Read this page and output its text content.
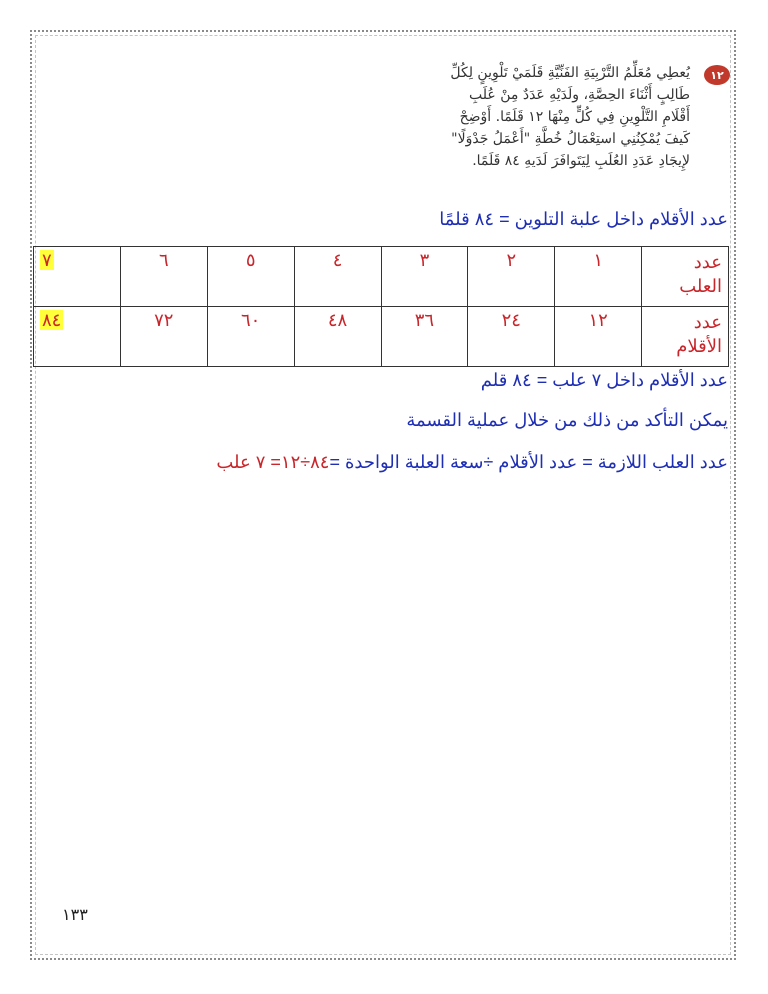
١٢
يُعطِي مُعَلِّمُ التَّرْبِيَةِ الفَنِّيَّةِ قَلَمَيْ تَلْوِينٍ لِكُلِّ
طَالِبٍ أَثْنَاءَ الحِصَّةِ، ولَدَيْهِ عَدَدٌ مِنْ عُلَبِ
أَقْلَامِ التَّلْوِينِ فِي كُلٍّ مِنْهَا ١٢ قَلَمًا. أَوْضِحْ
كَيفَ يُمْكِنُنِي استِعْمَالُ خُطَّةِ "أَعْمَلُ جَدْوَلًا"
لإِيجَادِ عَدَدِ العُلَبِ لِيَتَوافَرَ لَدَيهِ ٨٤ قَلَمًا.
عدد الأقلام داخل علبة التلوين = ٨٤ قلمًا
عدد
العلب	١	٢	٣	٤	٥	٦	٧

عدد
الأقلام	١٢	٢٤	٣٦	٤٨	٦٠	٧٢	٨٤
عدد الأقلام داخل ٧ علب = ٨٤ قلم
يمكن التأكد من ذلك من خلال عملية القسمة
عدد العلب اللازمة = عدد الأقلام ÷سعة العلبة الواحدة =٨٤÷١٢= ٧ علب
١٣٣
